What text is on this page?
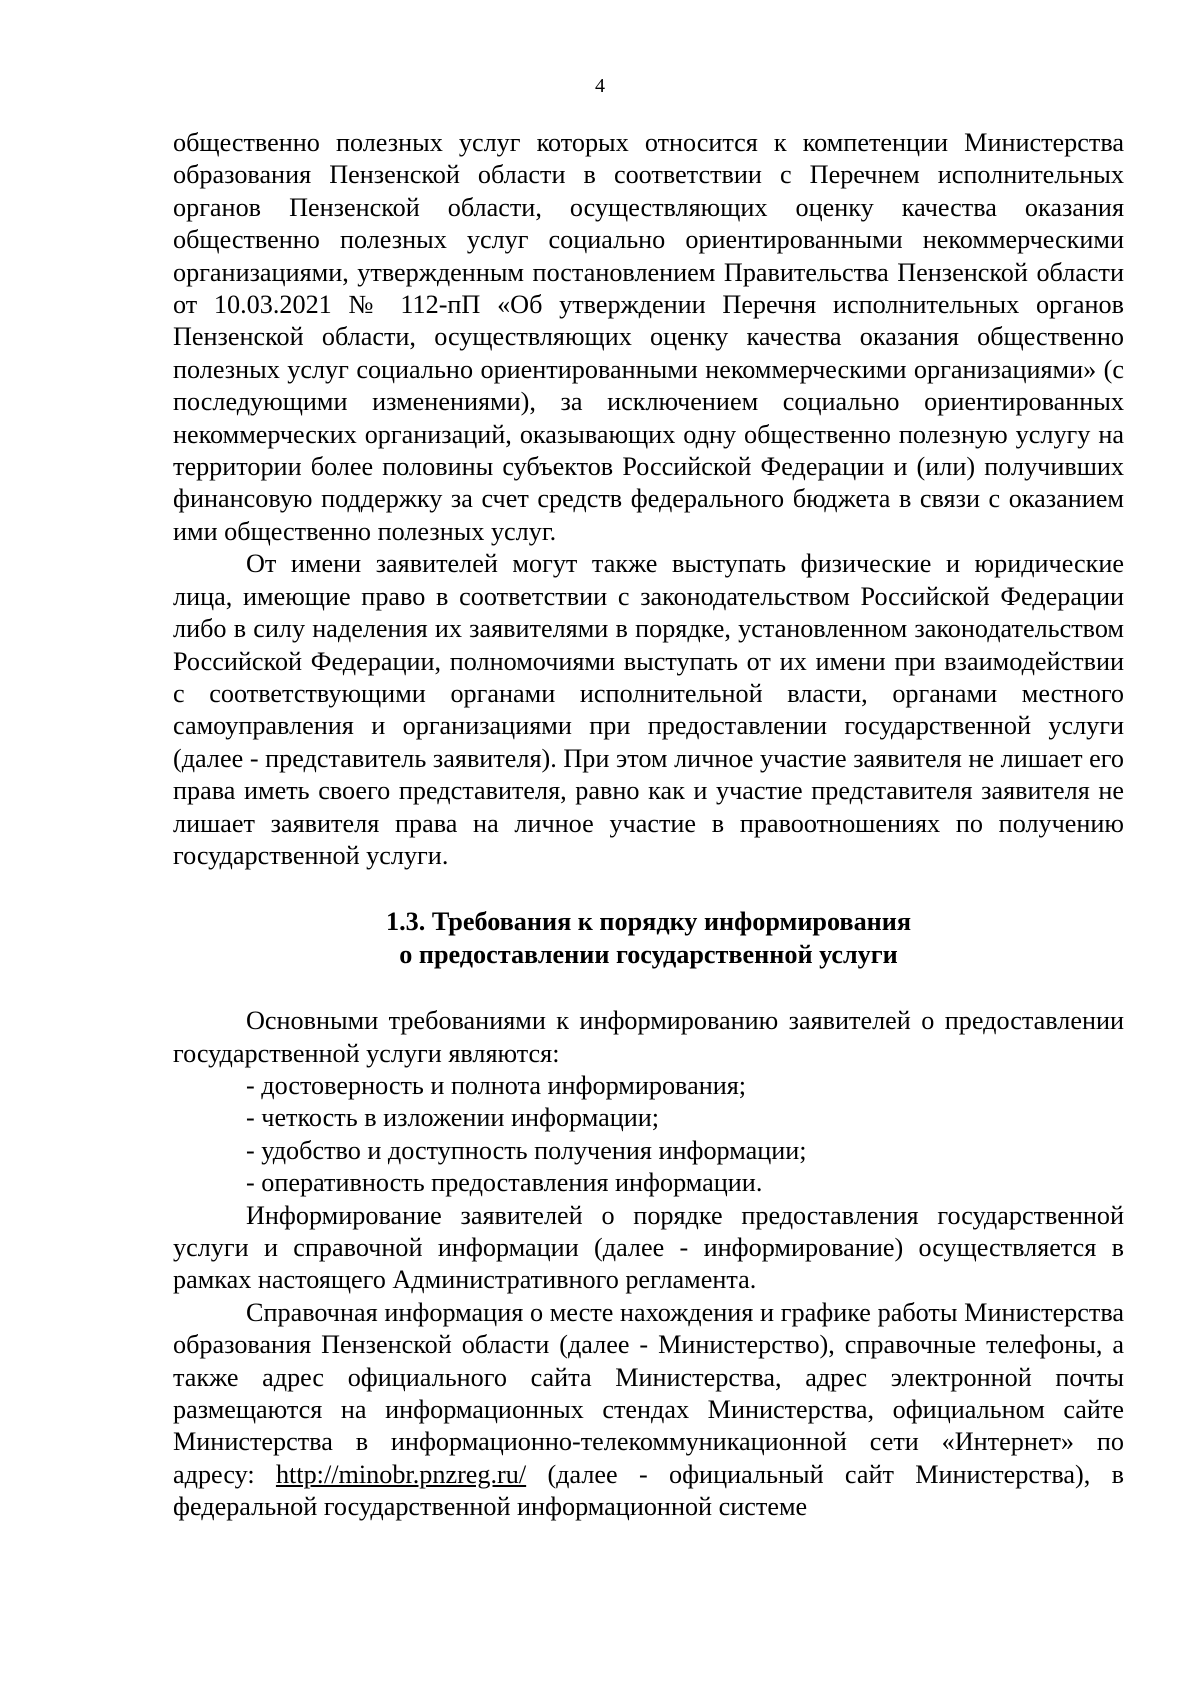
4

общественно полезных услуг которых относится к компетенции Министерства образования Пензенской области в соответствии с Перечнем исполнительных органов Пензенской области, осуществляющих оценку качества оказания общественно полезных услуг социально ориентированными некоммерческими организациями, утвержденным постановлением Правительства Пензенской области от 10.03.2021 № 112-пП «Об утверждении Перечня исполнительных органов Пензенской области, осуществляющих оценку качества оказания общественно полезных услуг социально ориентированными некоммерческими организациями» (с последующими изменениями), за исключением социально ориентированных некоммерческих организаций, оказывающих одну общественно полезную услугу на территории более половины субъектов Российской Федерации и (или) получивших финансовую поддержку за счет средств федерального бюджета в связи с оказанием ими общественно полезных услуг.

От имени заявителей могут также выступать физические и юридические лица, имеющие право в соответствии с законодательством Российской Федерации либо в силу наделения их заявителями в порядке, установленном законодательством Российской Федерации, полномочиями выступать от их имени при взаимодействии с соответствующими органами исполнительной власти, органами местного самоуправления и организациями при предоставлении государственной услуги (далее - представитель заявителя). При этом личное участие заявителя не лишает его права иметь своего представителя, равно как и участие представителя заявителя не лишает заявителя права на личное участие в правоотношениях по получению государственной услуги.

1.3. Требования к порядку информирования
о предоставлении государственной услуги

Основными требованиями к информированию заявителей о предоставлении государственной услуги являются:

- достоверность и полнота информирования;

- четкость в изложении информации;

- удобство и доступность получения информации;

- оперативность предоставления информации.

Информирование заявителей о порядке предоставления государственной услуги и справочной информации (далее - информирование) осуществляется в рамках настоящего Административного регламента.

Справочная информация о месте нахождения и графике работы Министерства образования Пензенской области (далее - Министерство), справочные телефоны, а также адрес официального сайта Министерства, адрес электронной почты размещаются на информационных стендах Министерства, официальном сайте Министерства в информационно-телекоммуникационной сети «Интернет» по адресу: http://minobr.pnzreg.ru/ (далее - официальный сайт Министерства), в федеральной государственной информационной системе
